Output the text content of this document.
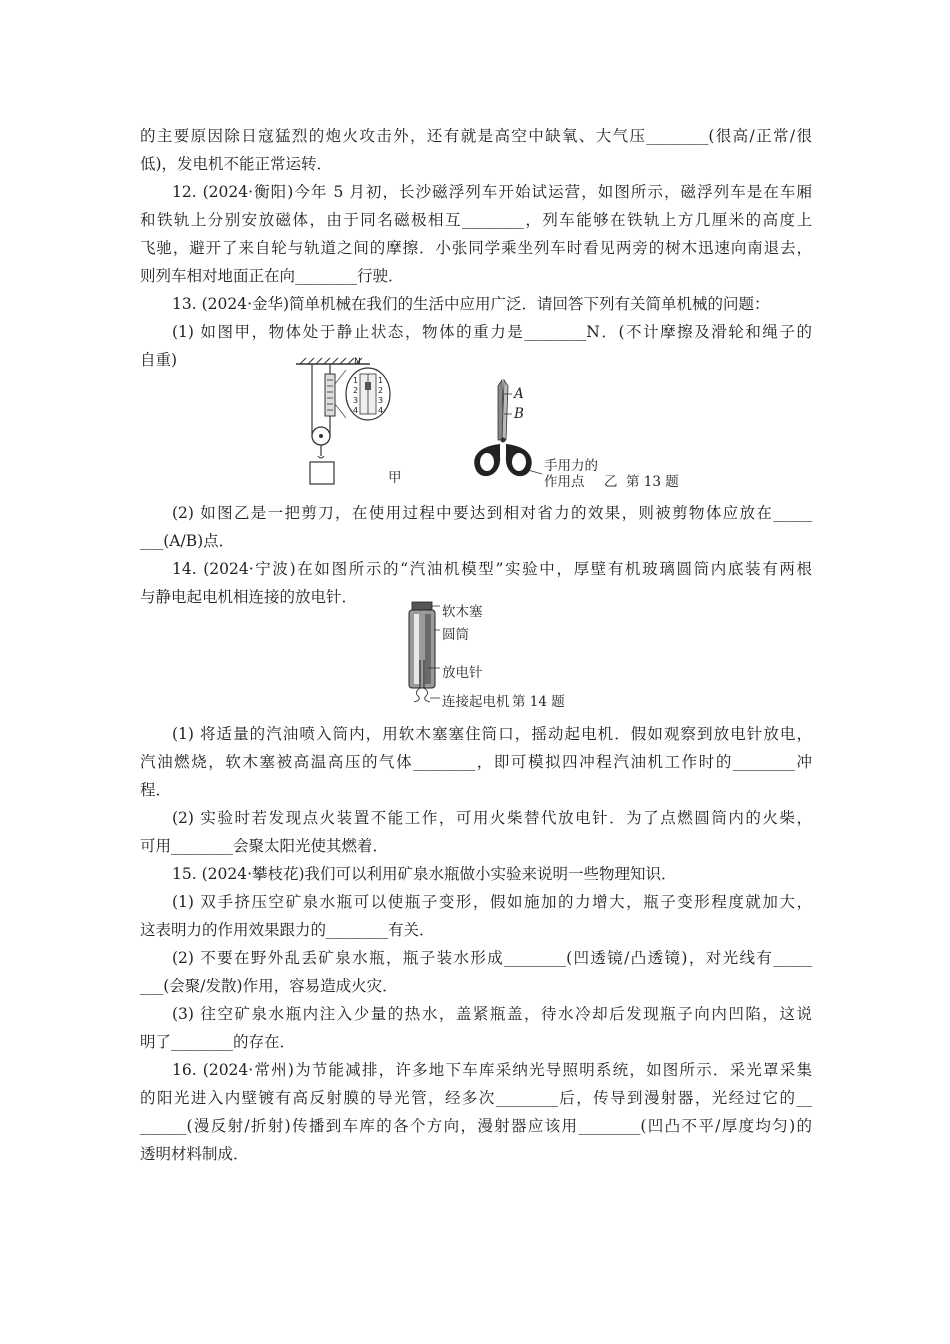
的主要原因除日寇猛烈的炮火攻击外，还有就是高空中缺氧、大气压________(很高/正常/很
低)，发电机不能正常运转．
12. (2024·衡阳)今年 5 月初，长沙磁浮列车开始试运营，如图所示，磁浮列车是在车厢
和铁轨上分别安放磁体，由于同名磁极相互________，列车能够在铁轨上方几厘米的高度上
飞驰，避开了来自轮与轨道之间的摩擦．小张同学乘坐列车时看见两旁的树木迅速向南退去，
则列车相对地面正在向________行驶．
13. (2024·金华)简单机械在我们的生活中应用广泛．请回答下列有关简单机械的问题：
(1) 如图甲，物体处于静止状态，物体的重力是________N．(不计摩擦及滑轮和绳子的
自重)	N
1
2
3
4
1
2
3
4
A
B
甲
手用力的
作用点 乙 第 13 题
(2) 如图乙是一把剪刀，在使用过程中要达到相对省力的效果，则被剪物体应放在_____
___(A/B)点．
14. (2024·宁波)在如图所示的“汽油机模型”实验中，厚壁有机玻璃圆筒内底装有两根
与静电起电机相连接的放电针．
软木塞
圆筒
放电针
连接起电机 第 14 题
(1) 将适量的汽油喷入筒内，用软木塞塞住筒口，摇动起电机．假如观察到放电针放电，
汽油燃烧，软木塞被高温高压的气体________，即可模拟四冲程汽油机工作时的________冲
程．
(2) 实验时若发现点火装置不能工作，可用火柴替代放电针．为了点燃圆筒内的火柴，
可用________会聚太阳光使其燃着．
15. (2024·攀枝花)我们可以利用矿泉水瓶做小实验来说明一些物理知识．
(1) 双手挤压空矿泉水瓶可以使瓶子变形，假如施加的力增大，瓶子变形程度就加大，
这表明力的作用效果跟力的________有关．
(2) 不要在野外乱丢矿泉水瓶，瓶子装水形成________(凹透镜/凸透镜)，对光线有_____
___(会聚/发散)作用，容易造成火灾．
(3) 往空矿泉水瓶内注入少量的热水，盖紧瓶盖，待水冷却后发现瓶子向内凹陷，这说
明了________的存在．
16. (2024·常州)为节能减排，许多地下车库采纳光导照明系统，如图所示．采光罩采集
的阳光进入内壁镀有高反射膜的导光管，经多次________后，传导到漫射器，光经过它的__
______(漫反射/折射)传播到车库的各个方向，漫射器应该用________(凹凸不平/厚度均匀)的
透明材料制成．
